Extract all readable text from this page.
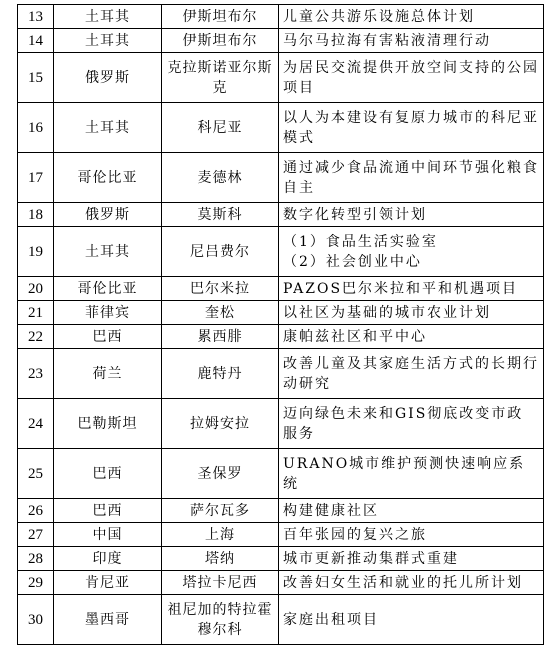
13	土耳其	伊斯坦布尔	儿童公共游乐设施总体计划
14	土耳其	伊斯坦布尔	马尔马拉海有害粘液清理行动
15	俄罗斯	克拉斯诺亚尔斯克	为居民交流提供开放空间支持的公园项目
16	土耳其	科尼亚	以人为本建设有复原力城市的科尼亚模式
17	哥伦比亚	麦德林	通过减少食品流通中间环节强化粮食自主
18	俄罗斯	莫斯科	数字化转型引领计划
19	土耳其	尼吕费尔	（1）食品生活实验室
（2）社会创业中心

20	哥伦比亚	巴尔米拉	PAZOS巴尔米拉和平和机遇项目
21	菲律宾	奎松	以社区为基础的城市农业计划
22	巴西	累西腓	康帕兹社区和平中心
23	荷兰	鹿特丹	改善儿童及其家庭生活方式的长期行动研究
24	巴勒斯坦	拉姆安拉	迈向绿色未来和GIS彻底改变市政服务
25	巴西	圣保罗	URANO城市维护预测快速响应系统
26	巴西	萨尔瓦多	构建健康社区
27	中国	上海	百年张园的复兴之旅
28	印度	塔纳	城市更新推动集群式重建
29	肯尼亚	塔拉卡尼西	改善妇女生活和就业的托儿所计划
30	墨西哥	祖尼加的特拉霍穆尔科	家庭出租项目
